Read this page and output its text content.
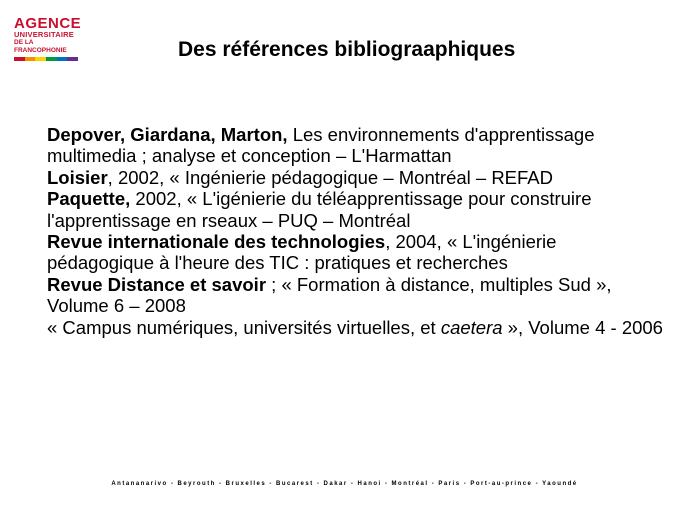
AGENCE
UNIVERSITAIRE
DE LA FRANCOPHONIE	Des références bibliograaphiques

Depover, Giardana, Marton, Les environnements d'apprentissage multimedia ; analyse et conception – L'Harmattan

Loisier, 2002, « Ingénierie pédagogique – Montréal – REFAD

Paquette, 2002, « L'igénierie du téléapprentissage pour construire l'apprentissage en rseaux – PUQ – Montréal

Revue internationale des technologies, 2004, « L'ingénierie pédagogique à l'heure des TIC : pratiques et recherches

Revue Distance et savoir ; « Formation à distance, multiples Sud », Volume 6 – 2008

« Campus numériques, universités virtuelles, et caetera », Volume 4 - 2006

Antananarivo - Beyrouth - Bruxelles - Bucarest - Dakar - Hanoi - Montréal - Paris - Port-au-prince - Yaoundé
